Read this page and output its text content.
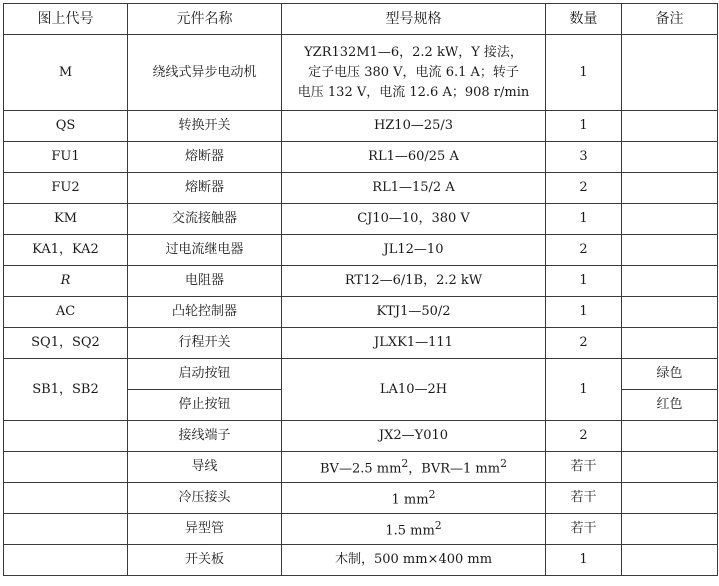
图上代号	元件名称	型号规格	数量	备注
M	绕线式异步电动机	YZR132M1—6，2.2 kW，Y 接法，
定子电压 380 V，电流 6.1 A；转子
电压 132 V，电流 12.6 A；908 r/min	1	
QS	转换开关	HZ10—25/3	1	
FU1	熔断器	RL1—60/25 A	3	
FU2	熔断器	RL1—15/2 A	2	
KM	交流接触器	CJ10—10，380 V	1	
KA1，KA2	过电流继电器	JL12—10	2	
R	电阻器	RT12—6/1B，2.2 kW	1	
AC	凸轮控制器	KTJ1—50/2	1	
SQ1，SQ2	行程开关	JLXK1—111	2	
SB1，SB2	启动按钮	LA10—2H	1	绿色
	停止按钮			红色
	接线端子	JX2—Y010	2	
	导线	BV—2.5 $mm^2$，BVR—1 $mm^2$	若干	
	冷压接头	1 $mm^2$	若干	
	异型管	1.5 $mm^2$	若干	
	开关板	木制，500 mm×400 mm	1	
